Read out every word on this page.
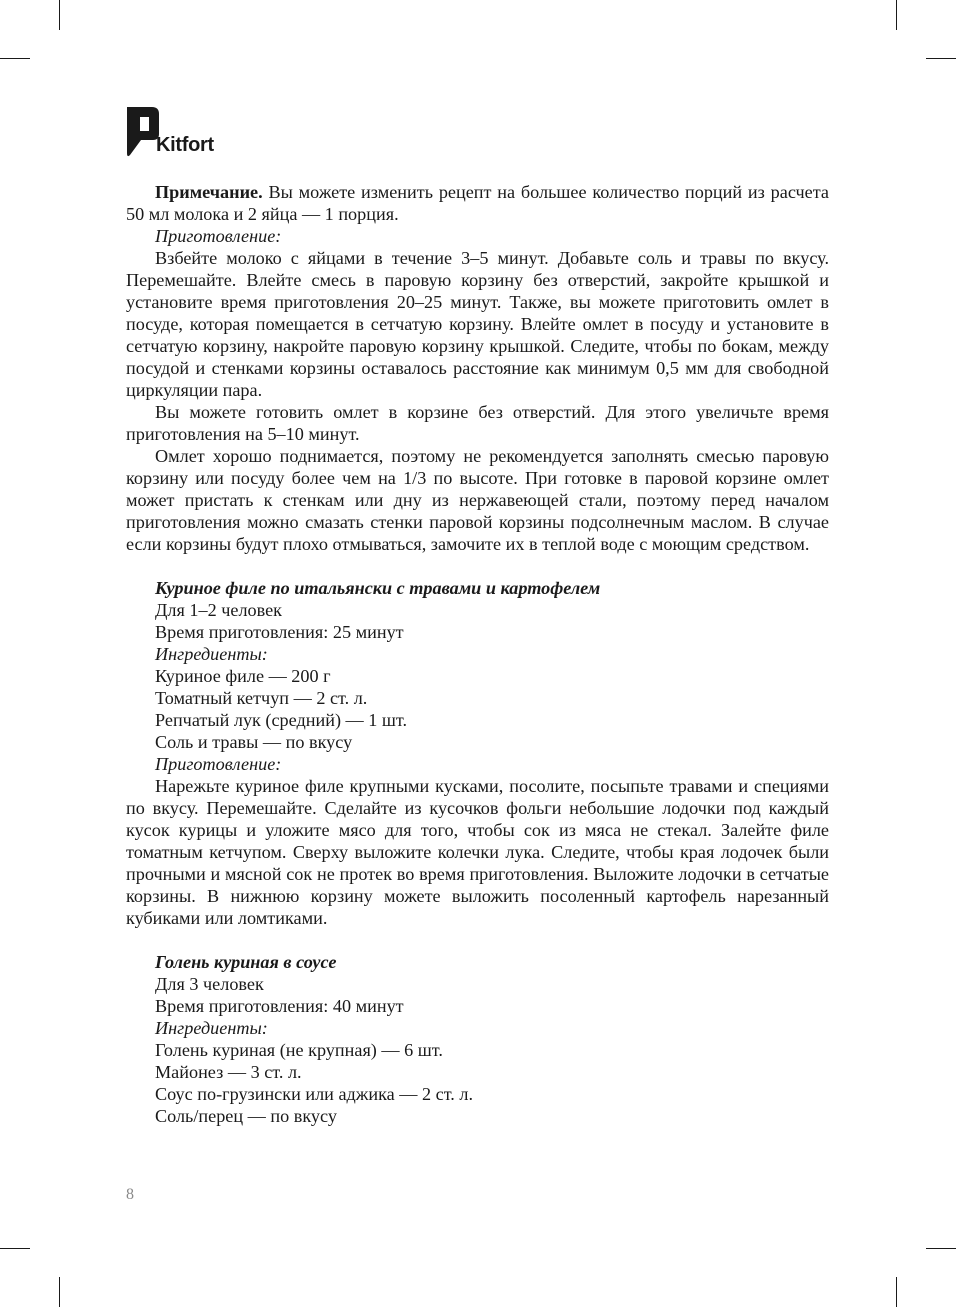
Kitfort

Примечание. Вы можете изменить рецепт на большее количество порций из расчета 50 мл молока и 2 яйца — 1 порция.

Приготовление:

Взбейте молоко с яйцами в течение 3–5 минут. Добавьте соль и травы по вкусу. Перемешайте. Влейте смесь в паровую корзину без отверстий, закройте крышкой и установите время приготовления 20–25 минут. Также, вы можете приготовить омлет в посуде, которая помещается в сетчатую корзину. Влейте омлет в посуду и установите в сетчатую корзину, накройте паровую корзину крышкой. Следите, чтобы по бокам, между посудой и стенками корзины оставалось расстояние как минимум 0,5 мм для свободной циркуляции пара.

Вы можете готовить омлет в корзине без отверстий. Для этого увеличьте время приготовления на 5–10 минут.

Омлет хорошо поднимается, поэтому не рекомендуется заполнять смесью паровую корзину или посуду более чем на 1/3 по высоте. При готовке в паровой корзине омлет может пристать к стенкам или дну из нержавеющей стали, поэтому перед началом приготовления можно смазать стенки паровой корзины подсолнечным маслом. В случае если корзины будут плохо отмываться, замочите их в теплой воде с моющим средством.

Куриное филе по итальянски с травами и картофелем
Для 1–2 человек
Время приготовления: 25 минут
Ингредиенты:
Куриное филе — 200 г
Томатный кетчуп — 2 ст. л.
Репчатый лук (средний) — 1 шт.
Соль и травы — по вкусу
Приготовление:

Нарежьте куриное филе крупными кусками, посолите, посыпьте травами и специями по вкусу. Перемешайте. Сделайте из кусочков фольги небольшие лодочки под каждый кусок курицы и уложите мясо для того, чтобы сок из мяса не стекал. Залейте филе томатным кетчупом. Сверху выложите колечки лука. Следите, чтобы края лодочек были прочными и мясной сок не протек во время приготовления. Выложите лодочки в сетчатые корзины. В нижнюю корзину можете выложить посоленный картофель нарезанный кубиками или ломтиками.

Голень куриная в соусе
Для 3 человек
Время приготовления: 40 минут
Ингредиенты:
Голень куриная (не крупная) — 6 шт.
Майонез — 3 ст. л.
Соус по-грузински или аджика — 2 ст. л.
Соль/перец — по вкусу
8
